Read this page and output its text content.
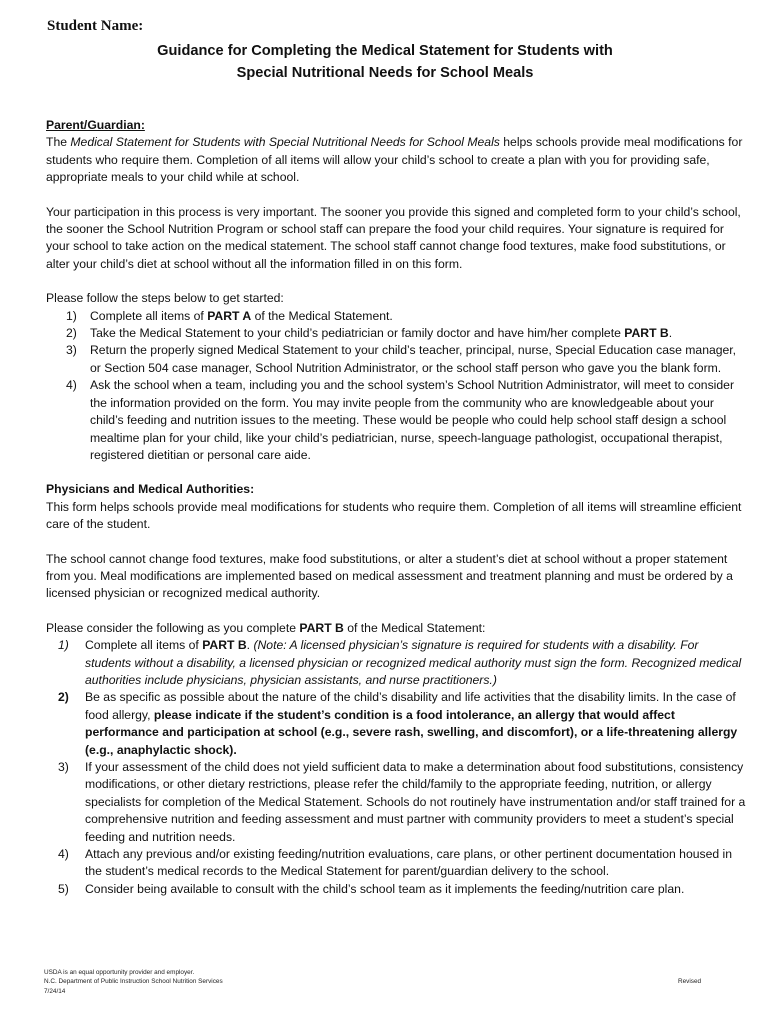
Student Name:
Guidance for Completing the Medical Statement for Students with
Special Nutritional Needs for School Meals

Parent/Guardian:

The Medical Statement for Students with Special Nutritional Needs for School Meals helps schools provide meal modifications for students who require them. Completion of all items will allow your child’s school to create a plan with you for providing safe, appropriate meals to your child while at school.

Your participation in this process is very important. The sooner you provide this signed and completed form to your child’s school, the sooner the School Nutrition Program or school staff can prepare the food your child requires. Your signature is required for your school to take action on the medical statement. The school staff cannot change food textures, make food substitutions, or alter your child’s diet at school without all the information filled in on this form.

Please follow the steps below to get started:

1) Complete all items of PART A of the Medical Statement.
2) Take the Medical Statement to your child’s pediatrician or family doctor and have him/her complete PART B.
3) Return the properly signed Medical Statement to your child’s teacher, principal, nurse, Special Education case manager, or Section 504 case manager, School Nutrition Administrator, or the school staff person who gave you the blank form.
4) Ask the school when a team, including you and the school system’s School Nutrition Administrator, will meet to consider the information provided on the form. You may invite people from the community who are knowledgeable about your child’s feeding and nutrition issues to the meeting. These would be people who could help school staff design a school mealtime plan for your child, like your child’s pediatrician, nurse, speech-language pathologist, occupational therapist, registered dietitian or personal care aide.

Physicians and Medical Authorities:

This form helps schools provide meal modifications for students who require them. Completion of all items will streamline efficient care of the student.

The school cannot change food textures, make food substitutions, or alter a student’s diet at school without a proper statement from you. Meal modifications are implemented based on medical assessment and treatment planning and must be ordered by a licensed physician or recognized medical authority.

Please consider the following as you complete PART B of the Medical Statement:

1) Complete all items of PART B. (Note: A licensed physician’s signature is required for students with a disability. For students without a disability, a licensed physician or recognized medical authority must sign the form. Recognized medical authorities include physicians, physician assistants, and nurse practitioners.)
2) Be as specific as possible about the nature of the child’s disability and life activities that the disability limits. In the case of food allergy, please indicate if the student’s condition is a food intolerance, an allergy that would affect performance and participation at school (e.g., severe rash, swelling, and discomfort), or a life-threatening allergy (e.g., anaphylactic shock).
3) If your assessment of the child does not yield sufficient data to make a determination about food substitutions, consistency modifications, or other dietary restrictions, please refer the child/family to the appropriate feeding, nutrition, or allergy specialists for completion of the Medical Statement. Schools do not routinely have instrumentation and/or staff trained for a comprehensive nutrition and feeding assessment and must partner with community providers to meet a student’s special feeding and nutrition needs.
4) Attach any previous and/or existing feeding/nutrition evaluations, care plans, or other pertinent documentation housed in the student’s medical records to the Medical Statement for parent/guardian delivery to the school.
5) Consider being available to consult with the child’s school team as it implements the feeding/nutrition care plan.
USDA is an equal opportunity provider and employer.
N.C. Department of Public Instruction School Nutrition Services
7/24/14
Revised
